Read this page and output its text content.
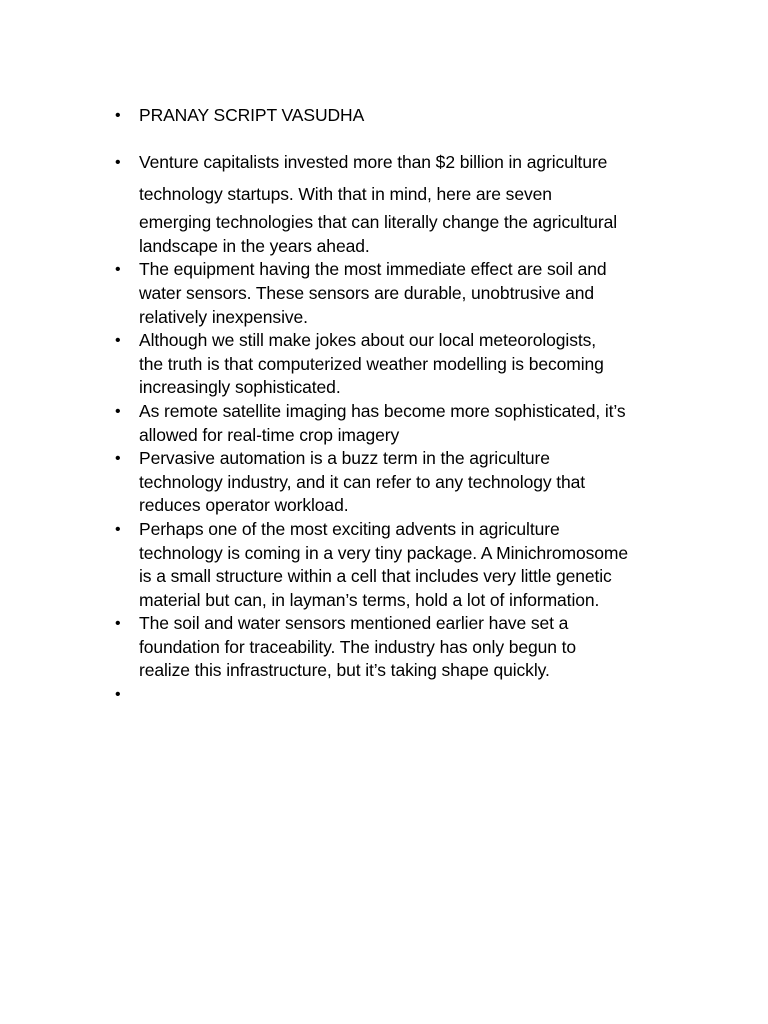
• PRANAY SCRIPT VASUDHA
• Venture capitalists invested more than $2 billion in agriculture
technology startups. With that in mind, here are seven
emerging technologies that can literally change the agricultural
landscape in the years ahead.
• The equipment having the most immediate effect are soil and
water sensors. These sensors are durable, unobtrusive and
relatively inexpensive.
• Although we still make jokes about our local meteorologists,
the truth is that computerized weather modelling is becoming
increasingly sophisticated.
• As remote satellite imaging has become more sophisticated, it’s
allowed for real-time crop imagery
• Pervasive automation is a buzz term in the agriculture
technology industry, and it can refer to any technology that
reduces operator workload.
• Perhaps one of the most exciting advents in agriculture
technology is coming in a very tiny package. A Minichromosome
is a small structure within a cell that includes very little genetic
material but can, in layman’s terms, hold a lot of information.
• The soil and water sensors mentioned earlier have set a
foundation for traceability. The industry has only begun to
realize this infrastructure, but it’s taking shape quickly.
•
